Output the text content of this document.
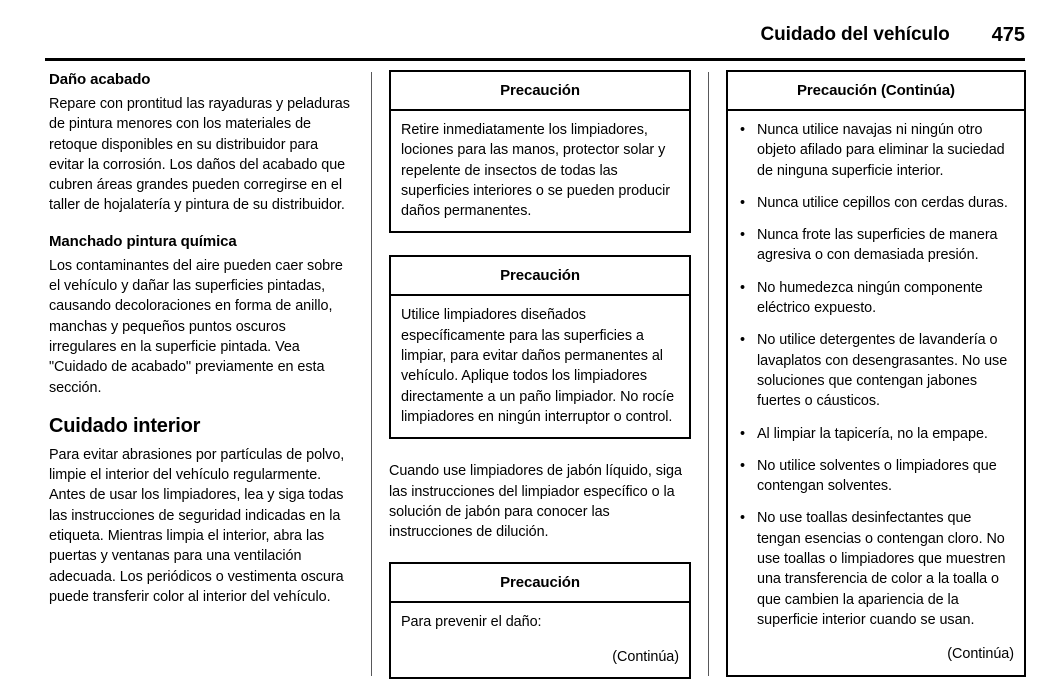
Cuidado del vehículo 475
Daño acabado

Repare con prontitud las rayaduras y peladuras de pintura menores con los materiales de retoque disponibles en su distribuidor para evitar la corrosión. Los daños del acabado que cubren áreas grandes pueden corregirse en el taller de hojalatería y pintura de su distribuidor.

Manchado pintura química

Los contaminantes del aire pueden caer sobre el vehículo y dañar las superficies pintadas, causando decoloraciones en forma de anillo, manchas y pequeños puntos oscuros irregulares en la superficie pintada. Vea "Cuidado de acabado" previamente en esta sección.

Cuidado interior

Para evitar abrasiones por partículas de polvo, limpie el interior del vehículo regularmente. Antes de usar los limpiadores, lea y siga todas las instrucciones de seguridad indicadas en la etiqueta. Mientras limpia el interior, abra las puertas y ventanas para una ventilación adecuada. Los periódicos o vestimenta oscura puede transferir color al interior del vehículo.

Precaución

Retire inmediatamente los limpiadores, lociones para las manos, protector solar y repelente de insectos de todas las superficies interiores o se pueden producir daños permanentes.

Precaución

Utilice limpiadores diseñados específicamente para las superficies a limpiar, para evitar daños permanentes al vehículo. Aplique todos los limpiadores directamente a un paño limpiador. No rocíe limpiadores en ningún interruptor o control.

Cuando use limpiadores de jabón líquido, siga las instrucciones del limpiador específico o la solución de jabón para conocer las instrucciones de dilución.

Precaución

Para prevenir el daño:

(Continúa)
Precaución (Continúa)
• Nunca utilice navajas ni ningún otro objeto afilado para eliminar la suciedad de ninguna superficie interior.
• Nunca utilice cepillos con cerdas duras.
• Nunca frote las superficies de manera agresiva o con demasiada presión.
• No humedezca ningún componente eléctrico expuesto.
• No utilice detergentes de lavandería o lavaplatos con desengrasantes. No use soluciones que contengan jabones fuertes o cáusticos.
• Al limpiar la tapicería, no la empape.
• No utilice solventes o limpiadores que contengan solventes.
• No use toallas desinfectantes que tengan esencias o contengan cloro. No use toallas o limpiadores que muestren una transferencia de color a la toalla o que cambien la apariencia de la superficie interior cuando se usan.
(Continúa)
